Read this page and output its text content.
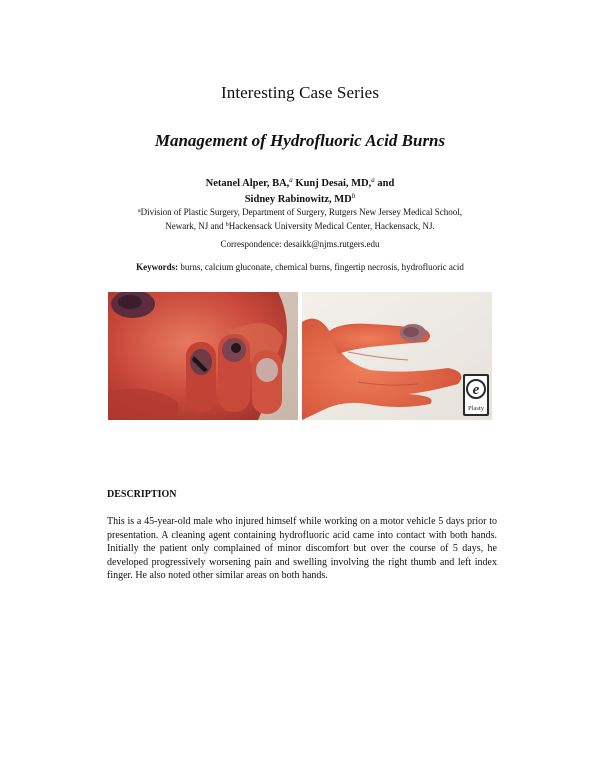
Interesting Case Series
Management of Hydrofluoric Acid Burns
Netanel Alper, BA,$^a$ Kunj Desai, MD,$^a$ and
Sidney Rabinowitz, $MD^b$
$^a$Division of Plastic Surgery, Department of Surgery, Rutgers New Jersey Medical School, Newark, NJ and $^b$Hackensack University Medical Center, Hackensack, NJ.
Correspondence: desaikk@njms.rutgers.edu
Keywords: burns, calcium gluconate, chemical burns, fingertip necrosis, hydrofluoric acid
e
Plasty
DESCRIPTION
This is a 45-year-old male who injured himself while working on a motor vehicle 5 days prior to presentation. A cleaning agent containing hydrofluoric acid came into contact with both hands. Initially the patient only complained of minor discomfort but over the course of 5 days, he developed progressively worsening pain and swelling involving the right thumb and left index finger. He also noted other similar areas on both hands.
